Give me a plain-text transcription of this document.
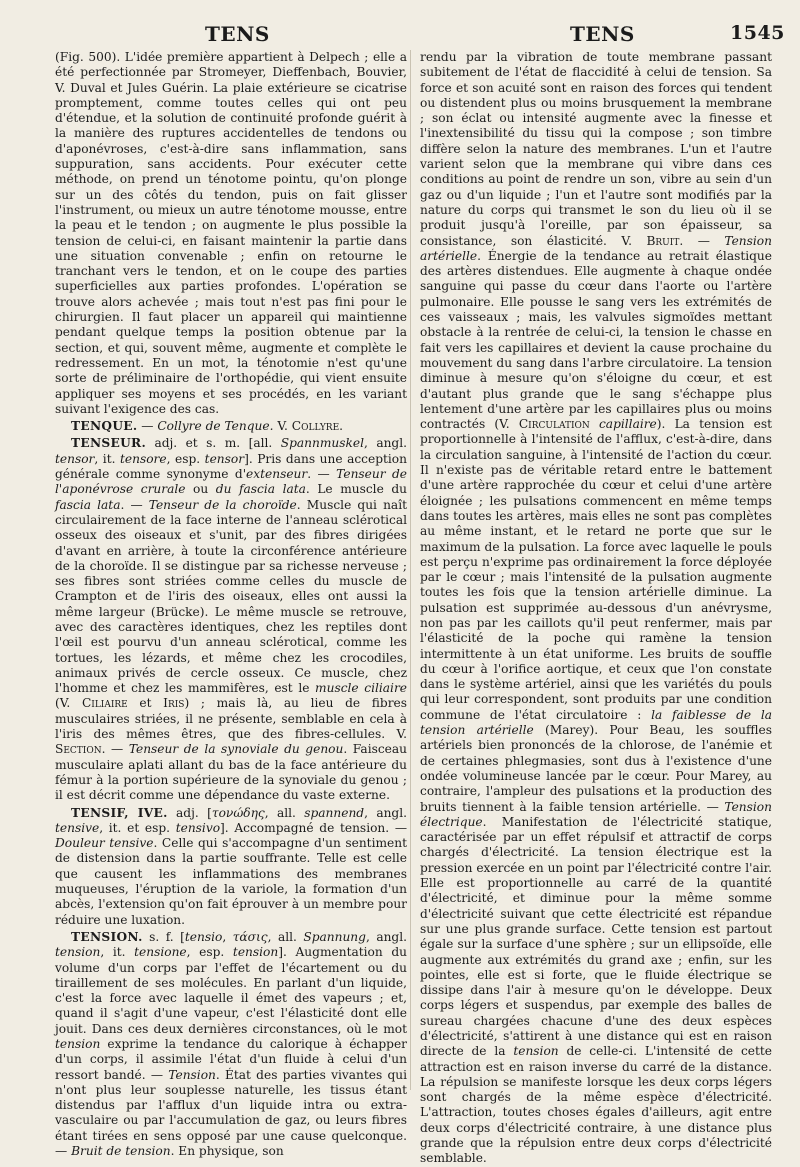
TENS	TENS	1545

(Fig. 500). L'idée première appartient à Delpech ; elle a été perfectionnée par Stromeyer, Dieffenbach, Bouvier, V. Duval et Jules Guérin. La plaie extérieure se cicatrise promptement, comme toutes celles qui ont peu d'étendue, et la solution de continuité profonde guérit à la manière des ruptures accidentelles de tendons ou d'aponévroses, c'est-à-dire sans inflammation, sans suppuration, sans accidents. Pour exécuter cette méthode, on prend un ténotome pointu, qu'on plonge sur un des côtés du tendon, puis on fait glisser l'instrument, ou mieux un autre ténotome mousse, entre la peau et le tendon ; on augmente le plus possible la tension de celui-ci, en faisant maintenir la partie dans une situation convenable ; enfin on retourne le tranchant vers le tendon, et on le coupe des parties superficielles aux parties profondes. L'opération se trouve alors achevée ; mais tout n'est pas fini pour le chirurgien. Il faut placer un appareil qui maintienne pendant quelque temps la position obtenue par la section, et qui, souvent même, augmente et complète le redressement. En un mot, la ténotomie n'est qu'une sorte de préliminaire de l'orthopédie, qui vient ensuite appliquer ses moyens et ses procédés, en les variant suivant l'exigence des cas.

TENQUE. — Collyre de Tenque. V. Collyre.

TENSEUR. adj. et s. m. [all. Spannmuskel, angl. tensor, it. tensore, esp. tensor]. Pris dans une acception générale comme synonyme d'extenseur. — Tenseur de l'aponévrose crurale ou du fascia lata. Le muscle du fascia lata. — Tenseur de la choroïde. Muscle qui naît circulairement de la face interne de l'anneau sclérotical osseux des oiseaux et s'unit, par des fibres dirigées d'avant en arrière, à toute la circonférence antérieure de la choroïde. Il se distingue par sa richesse nerveuse ; ses fibres sont striées comme celles du muscle de Crampton et de l'iris des oiseaux, elles ont aussi la même largeur (Brücke). Le même muscle se retrouve, avec des caractères identiques, chez les reptiles dont l'œil est pourvu d'un anneau sclérotical, comme les tortues, les lézards, et même chez les crocodiles, animaux privés de cercle osseux. Ce muscle, chez l'homme et chez les mammifères, est le muscle ciliaire (V. Ciliaire et Iris) ; mais là, au lieu de fibres musculaires striées, il ne présente, semblable en cela à l'iris des mêmes êtres, que des fibres-cellules. V. Section. — Tenseur de la synoviale du genou. Faisceau musculaire aplati allant du bas de la face antérieure du fémur à la portion supérieure de la synoviale du genou ; il est décrit comme une dépendance du vaste externe.

TENSIF, IVE. adj. [τονώδης, all. spannend, angl. tensive, it. et esp. tensivo]. Accompagné de tension. — Douleur tensive. Celle qui s'accompagne d'un sentiment de distension dans la partie souffrante. Telle est celle que causent les inflammations des membranes muqueuses, l'éruption de la variole, la formation d'un abcès, l'extension qu'on fait éprouver à un membre pour réduire une luxation.

TENSION. s. f. [tensio, τάσις, all. Spannung, angl. tension, it. tensione, esp. tension]. Augmentation du volume d'un corps par l'effet de l'écartement ou du tiraillement de ses molécules. En parlant d'un liquide, c'est la force avec laquelle il émet des vapeurs ; et, quand il s'agit d'une vapeur, c'est l'élasticité dont elle jouit. Dans ces deux dernières circonstances, où le mot tension exprime la tendance du calorique à échapper d'un corps, il assimile l'état d'un fluide à celui d'un ressort bandé. — Tension. État des parties vivantes qui n'ont plus leur souplesse naturelle, les tissus étant distendus par l'afflux d'un liquide intra ou extra-vasculaire ou par l'accumulation de gaz, ou leurs fibres étant tirées en sens opposé par une cause quelconque. — Bruit de tension. En physique, son

rendu par la vibration de toute membrane passant subitement de l'état de flaccidité à celui de tension. Sa force et son acuité sont en raison des forces qui tendent ou distendent plus ou moins brusquement la membrane ; son éclat ou intensité augmente avec la finesse et l'inextensibilité du tissu qui la compose ; son timbre diffère selon la nature des membranes. L'un et l'autre varient selon que la membrane qui vibre dans ces conditions au point de rendre un son, vibre au sein d'un gaz ou d'un liquide ; l'un et l'autre sont modifiés par la nature du corps qui transmet le son du lieu où il se produit jusqu'à l'oreille, par son épaisseur, sa consistance, son élasticité. V. Bruit. — Tension artérielle. Énergie de la tendance au retrait élastique des artères distendues. Elle augmente à chaque ondée sanguine qui passe du cœur dans l'aorte ou l'artère pulmonaire. Elle pousse le sang vers les extrémités de ces vaisseaux ; mais, les valvules sigmoïdes mettant obstacle à la rentrée de celui-ci, la tension le chasse en fait vers les capillaires et devient la cause prochaine du mouvement du sang dans l'arbre circulatoire. La tension diminue à mesure qu'on s'éloigne du cœur, et est d'autant plus grande que le sang s'échappe plus lentement d'une artère par les capillaires plus ou moins contractés (V. Circulation capillaire). La tension est proportionnelle à l'intensité de l'afflux, c'est-à-dire, dans la circulation sanguine, à l'intensité de l'action du cœur. Il n'existe pas de véritable retard entre le battement d'une artère rapprochée du cœur et celui d'une artère éloignée ; les pulsations commencent en même temps dans toutes les artères, mais elles ne sont pas complètes au même instant, et le retard ne porte que sur le maximum de la pulsation. La force avec laquelle le pouls est perçu n'exprime pas ordinairement la force déployée par le cœur ; mais l'intensité de la pulsation augmente toutes les fois que la tension artérielle diminue. La pulsation est supprimée au-dessous d'un anévrysme, non pas par les caillots qu'il peut renfermer, mais par l'élasticité de la poche qui ramène la tension intermittente à un état uniforme. Les bruits de souffle du cœur à l'orifice aortique, et ceux que l'on constate dans le système artériel, ainsi que les variétés du pouls qui leur correspondent, sont produits par une condition commune de l'état circulatoire : la faiblesse de la tension artérielle (Marey). Pour Beau, les souffles artériels bien prononcés de la chlorose, de l'anémie et de certaines phlegmasies, sont dus à l'existence d'une ondée volumineuse lancée par le cœur. Pour Marey, au contraire, l'ampleur des pulsations et la production des bruits tiennent à la faible tension artérielle. — Tension électrique. Manifestation de l'électricité statique, caractérisée par un effet répulsif et attractif de corps chargés d'électricité. La tension électrique est la pression exercée en un point par l'électricité contre l'air. Elle est proportionnelle au carré de la quantité d'électricité, et diminue pour la même somme d'électricité suivant que cette électricité est répandue sur une plus grande surface. Cette tension est partout égale sur la surface d'une sphère ; sur un ellipsoïde, elle augmente aux extrémités du grand axe ; enfin, sur les pointes, elle est si forte, que le fluide électrique se dissipe dans l'air à mesure qu'on le développe. Deux corps légers et suspendus, par exemple des balles de sureau chargées chacune d'une des deux espèces d'électricité, s'attirent à une distance qui est en raison directe de la tension de celle-ci. L'intensité de cette attraction est en raison inverse du carré de la distance. La répulsion se manifeste lorsque les deux corps légers sont chargés de la même espèce d'électricité. L'attraction, toutes choses égales d'ailleurs, agit entre deux corps d'électricité contraire, à une distance plus grande que la répulsion entre deux corps d'électricité semblable.
